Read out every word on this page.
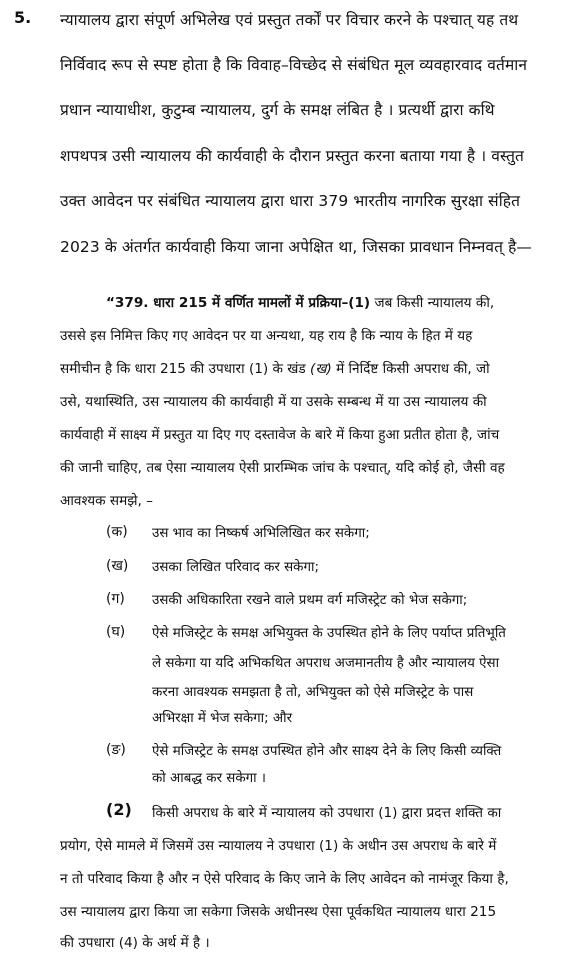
5. न्यायालय द्वारा संपूर्ण अभिलेख एवं प्रस्तुत तर्कों पर विचार करने के पश्चात् यह तथ
निर्विवाद रूप से स्पष्ट होता है कि विवाह–विच्छेद से संबंधित मूल व्यवहारवाद वर्तमान
प्रधान न्यायाधीश, कुटुम्ब न्यायालय, दुर्ग के समक्ष लंबित है । प्रत्यर्थी द्वारा कथि
शपथपत्र उसी न्यायालय की कार्यवाही के दौरान प्रस्तुत करना बताया गया है । वस्तुत
उक्त आवेदन पर संबंधित न्यायालय द्वारा धारा 379 भारतीय नागरिक सुरक्षा संहित
2023 के अंतर्गत कार्यवाही किया जाना अपेक्षित था, जिसका प्रावधान निम्नवत् है—
“379. धारा 215 में वर्णित मामलों में प्रक्रिया–(1) जब किसी न्यायालय की,
उससे इस निमित्त किए गए आवेदन पर या अन्यथा, यह राय है कि न्याय के हित में यह
समीचीन है कि धारा 215 की उपधारा (1) के खंड (ख) में निर्दिष्ट किसी अपराध की, जो
उसे, यथास्थिति, उस न्यायालय की कार्यवाही में या उसके सम्बन्ध में या उस न्यायालय की
कार्यवाही में साक्ष्य में प्रस्तुत या दिए गए दस्तावेज के बारे में किया हुआ प्रतीत होता है, जांच
की जानी चाहिए, तब ऐसा न्यायालय ऐसी प्रारम्भिक जांच के पश्चात्, यदि कोई हो, जैसी वह
आवश्यक समझे, –
(क) उस भाव का निष्कर्ष अभिलिखित कर सकेगा;
(ख) उसका लिखित परिवाद कर सकेगा;
(ग) उसकी अधिकारिता रखने वाले प्रथम वर्ग मजिस्ट्रेट को भेज सकेगा;
(घ) ऐसे मजिस्ट्रेट के समक्ष अभियुक्त के उपस्थित होने के लिए पर्याप्त प्रतिभूति
ले सकेगा या यदि अभिकथित अपराध अजमानतीय है और न्यायालय ऐसा
करना आवश्यक समझता है तो, अभियुक्त को ऐसे मजिस्ट्रेट के पास
अभिरक्षा में भेज सकेगा; और
(ङ) ऐसे मजिस्ट्रेट के समक्ष उपस्थित होने और साक्ष्य देने के लिए किसी व्यक्ति
को आबद्ध कर सकेगा ।
(2) किसी अपराध के बारे में न्यायालय को उपधारा (1) द्वारा प्रदत्त शक्ति का
प्रयोग, ऐसे मामले में जिसमें उस न्यायालय ने उपधारा (1) के अधीन उस अपराध के बारे में
न तो परिवाद किया है और न ऐसे परिवाद के किए जाने के लिए आवेदन को नामंजूर किया है,
उस न्यायालय द्वारा किया जा सकेगा जिसके अधीनस्थ ऐसा पूर्वकथित न्यायालय धारा 215
की उपधारा (4) के अर्थ में है ।
